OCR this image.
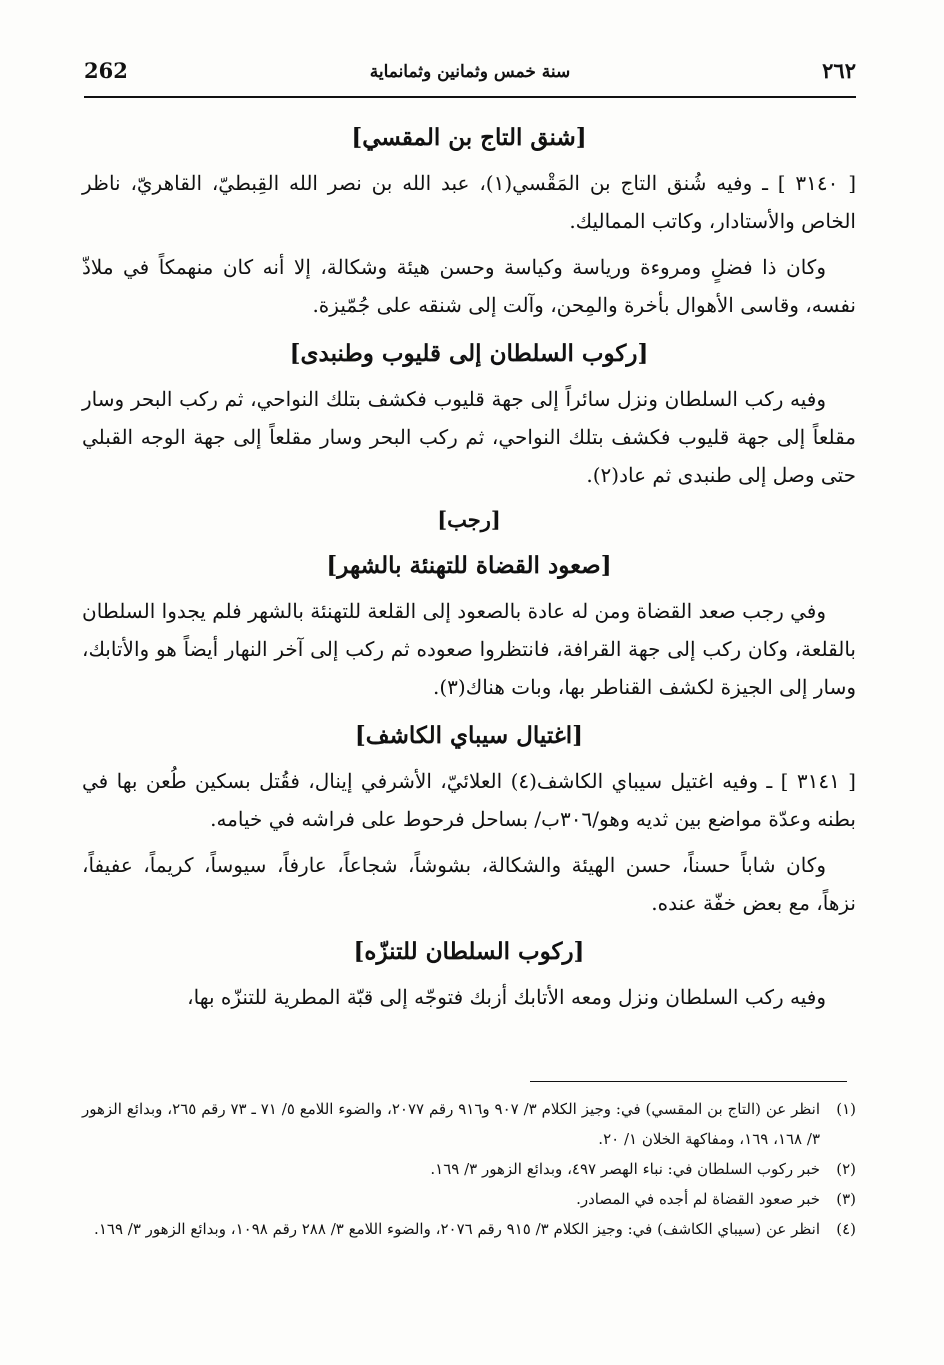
262	سنة خمس وثمانين وثمانماية	٢٦٢
[شنق التاج بن المقسي]

[ ٣١٤٠ ] ـ وفيه شُنق التاج بن المَقْسي(١)، عبد الله بن نصر الله القِبطيّ، القاهريّ، ناظر الخاص والأستادار، وكاتب المماليك.

وكان ذا فضلٍ ومروءة ورياسة وكياسة وحسن هيئة وشكالة، إلا أنه كان منهمكاً في ملاذّ نفسه، وقاسى الأهوال بأخرة والمِحن، وآلت إلى شنقه على جُمّيزة.

[ركوب السلطان إلى قليوب وطنبدى]

وفيه ركب السلطان ونزل سائراً إلى جهة قليوب فكشف بتلك النواحي، ثم ركب البحر وسار مقلعاً إلى جهة قليوب فكشف بتلك النواحي، ثم ركب البحر وسار مقلعاً إلى جهة الوجه القبلي حتى وصل إلى طنبدى ثم عاد(٢).

[رجب]
[صعود القضاة للتهنئة بالشهر]

وفي رجب صعد القضاة ومن له عادة بالصعود إلى القلعة للتهنئة بالشهر فلم يجدوا السلطان بالقلعة، وكان ركب إلى جهة القرافة، فانتظروا صعوده ثم ركب إلى آخر النهار أيضاً هو والأتابك، وسار إلى الجيزة لكشف القناطر بها، وبات هناك(٣).

[اغتيال سيباي الكاشف]

[ ٣١٤١ ] ـ وفيه اغتيل سيباي الكاشف(٤) العلائيّ، الأشرفي إينال، فقُتل بسكين طُعن بها في بطنه وعدّة مواضع بين ثديه وهو/٣٠٦ب/ بساحل فرحوط على فراشه في خيامه.

وكان شاباً حسناً، حسن الهيئة والشكالة، بشوشاً، شجاعاً، عارفاً، سيوساً، كريماً، عفيفاً، نزهاً، مع بعض خفّة عنده.

[ركوب السلطان للتنزّه]

وفيه ركب السلطان ونزل ومعه الأتابك أزبك فتوجّه إلى قبّة المطرية للتنزّه بها،

(١)
انظر عن (التاج بن المقسي) في: وجيز الكلام ٣/ ٩٠٧ و٩١٦ رقم ٢٠٧٧، والضوء اللامع ٥/ ٧١ ـ ٧٣ رقم ٢٦٥، وبدائع الزهور ٣/ ١٦٨، ١٦٩، ومفاكهة الخلان ١/ ٢٠.
(٢)
خبر ركوب السلطان في: نباء الهصر ٤٩٧، وبدائع الزهور ٣/ ١٦٩.
(٣)
خبر صعود القضاة لم أجده في المصادر.
(٤)
انظر عن (سيباي الكاشف) في: وجيز الكلام ٣/ ٩١٥ رقم ٢٠٧٦، والضوء اللامع ٣/ ٢٨٨ رقم ١٠٩٨، وبدائع الزهور ٣/ ١٦٩.
